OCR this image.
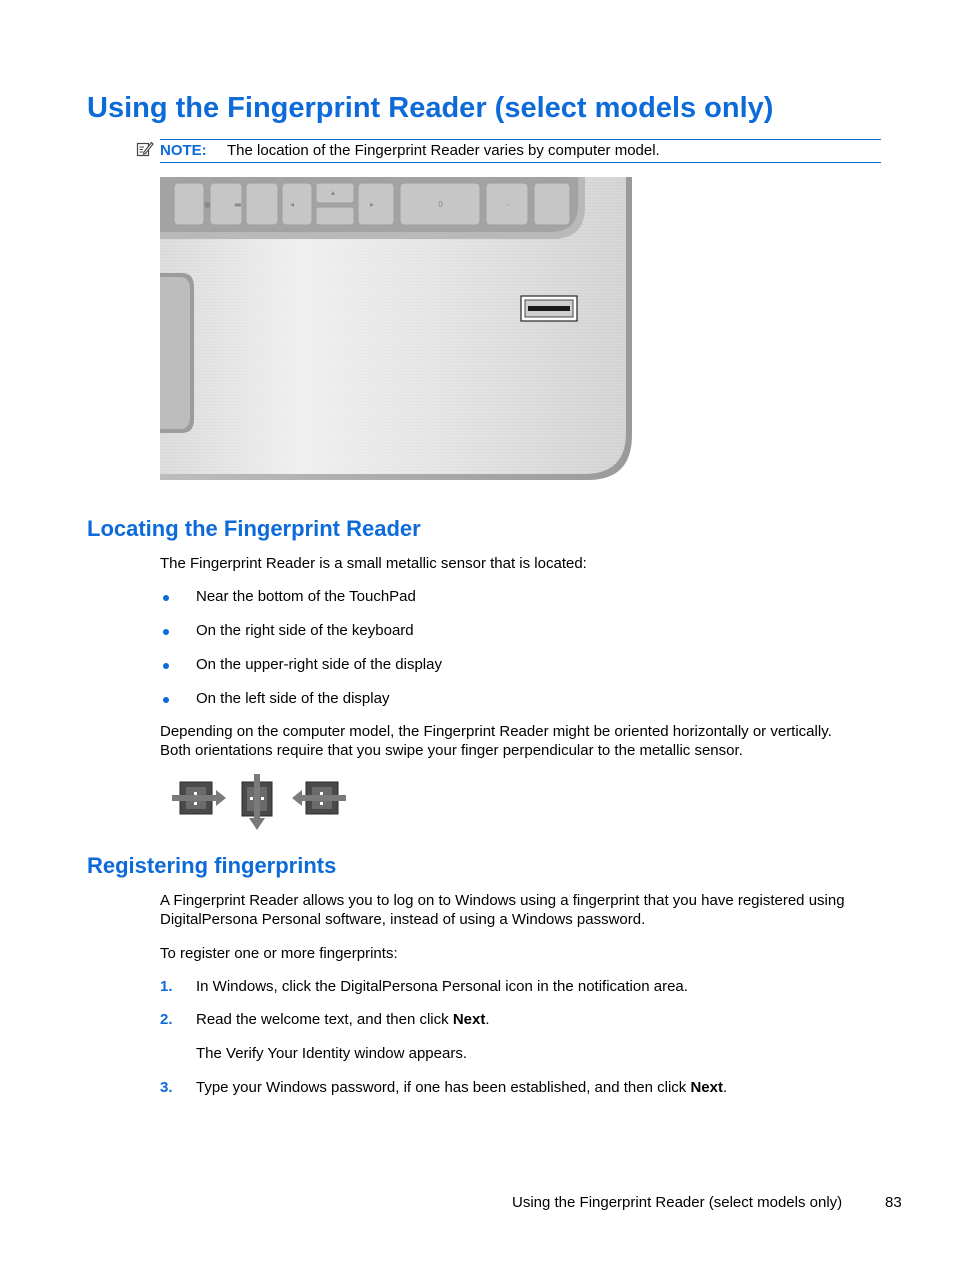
Using the Fingerprint Reader (select models only)
NOTE: The location of the Fingerprint Reader varies by computer model.
●	▬	◂
▴
▸	0	-
Locating the Fingerprint Reader
The Fingerprint Reader is a small metallic sensor that is located:
Near the bottom of the TouchPad
On the right side of the keyboard
On the upper-right side of the display
On the left side of the display
Depending on the computer model, the Fingerprint Reader might be oriented horizontally or vertically.
Both orientations require that you swipe your finger perpendicular to the metallic sensor.
Registering fingerprints
A Fingerprint Reader allows you to log on to Windows using a fingerprint that you have registered using
DigitalPersona Personal software, instead of using a Windows password.
To register one or more fingerprints:
1. In Windows, click the DigitalPersona Personal icon in the notification area.
2. Read the welcome text, and then click Next.
The Verify Your Identity window appears.
3. Type your Windows password, if one has been established, and then click Next.
Using the Fingerprint Reader (select models only)	83
